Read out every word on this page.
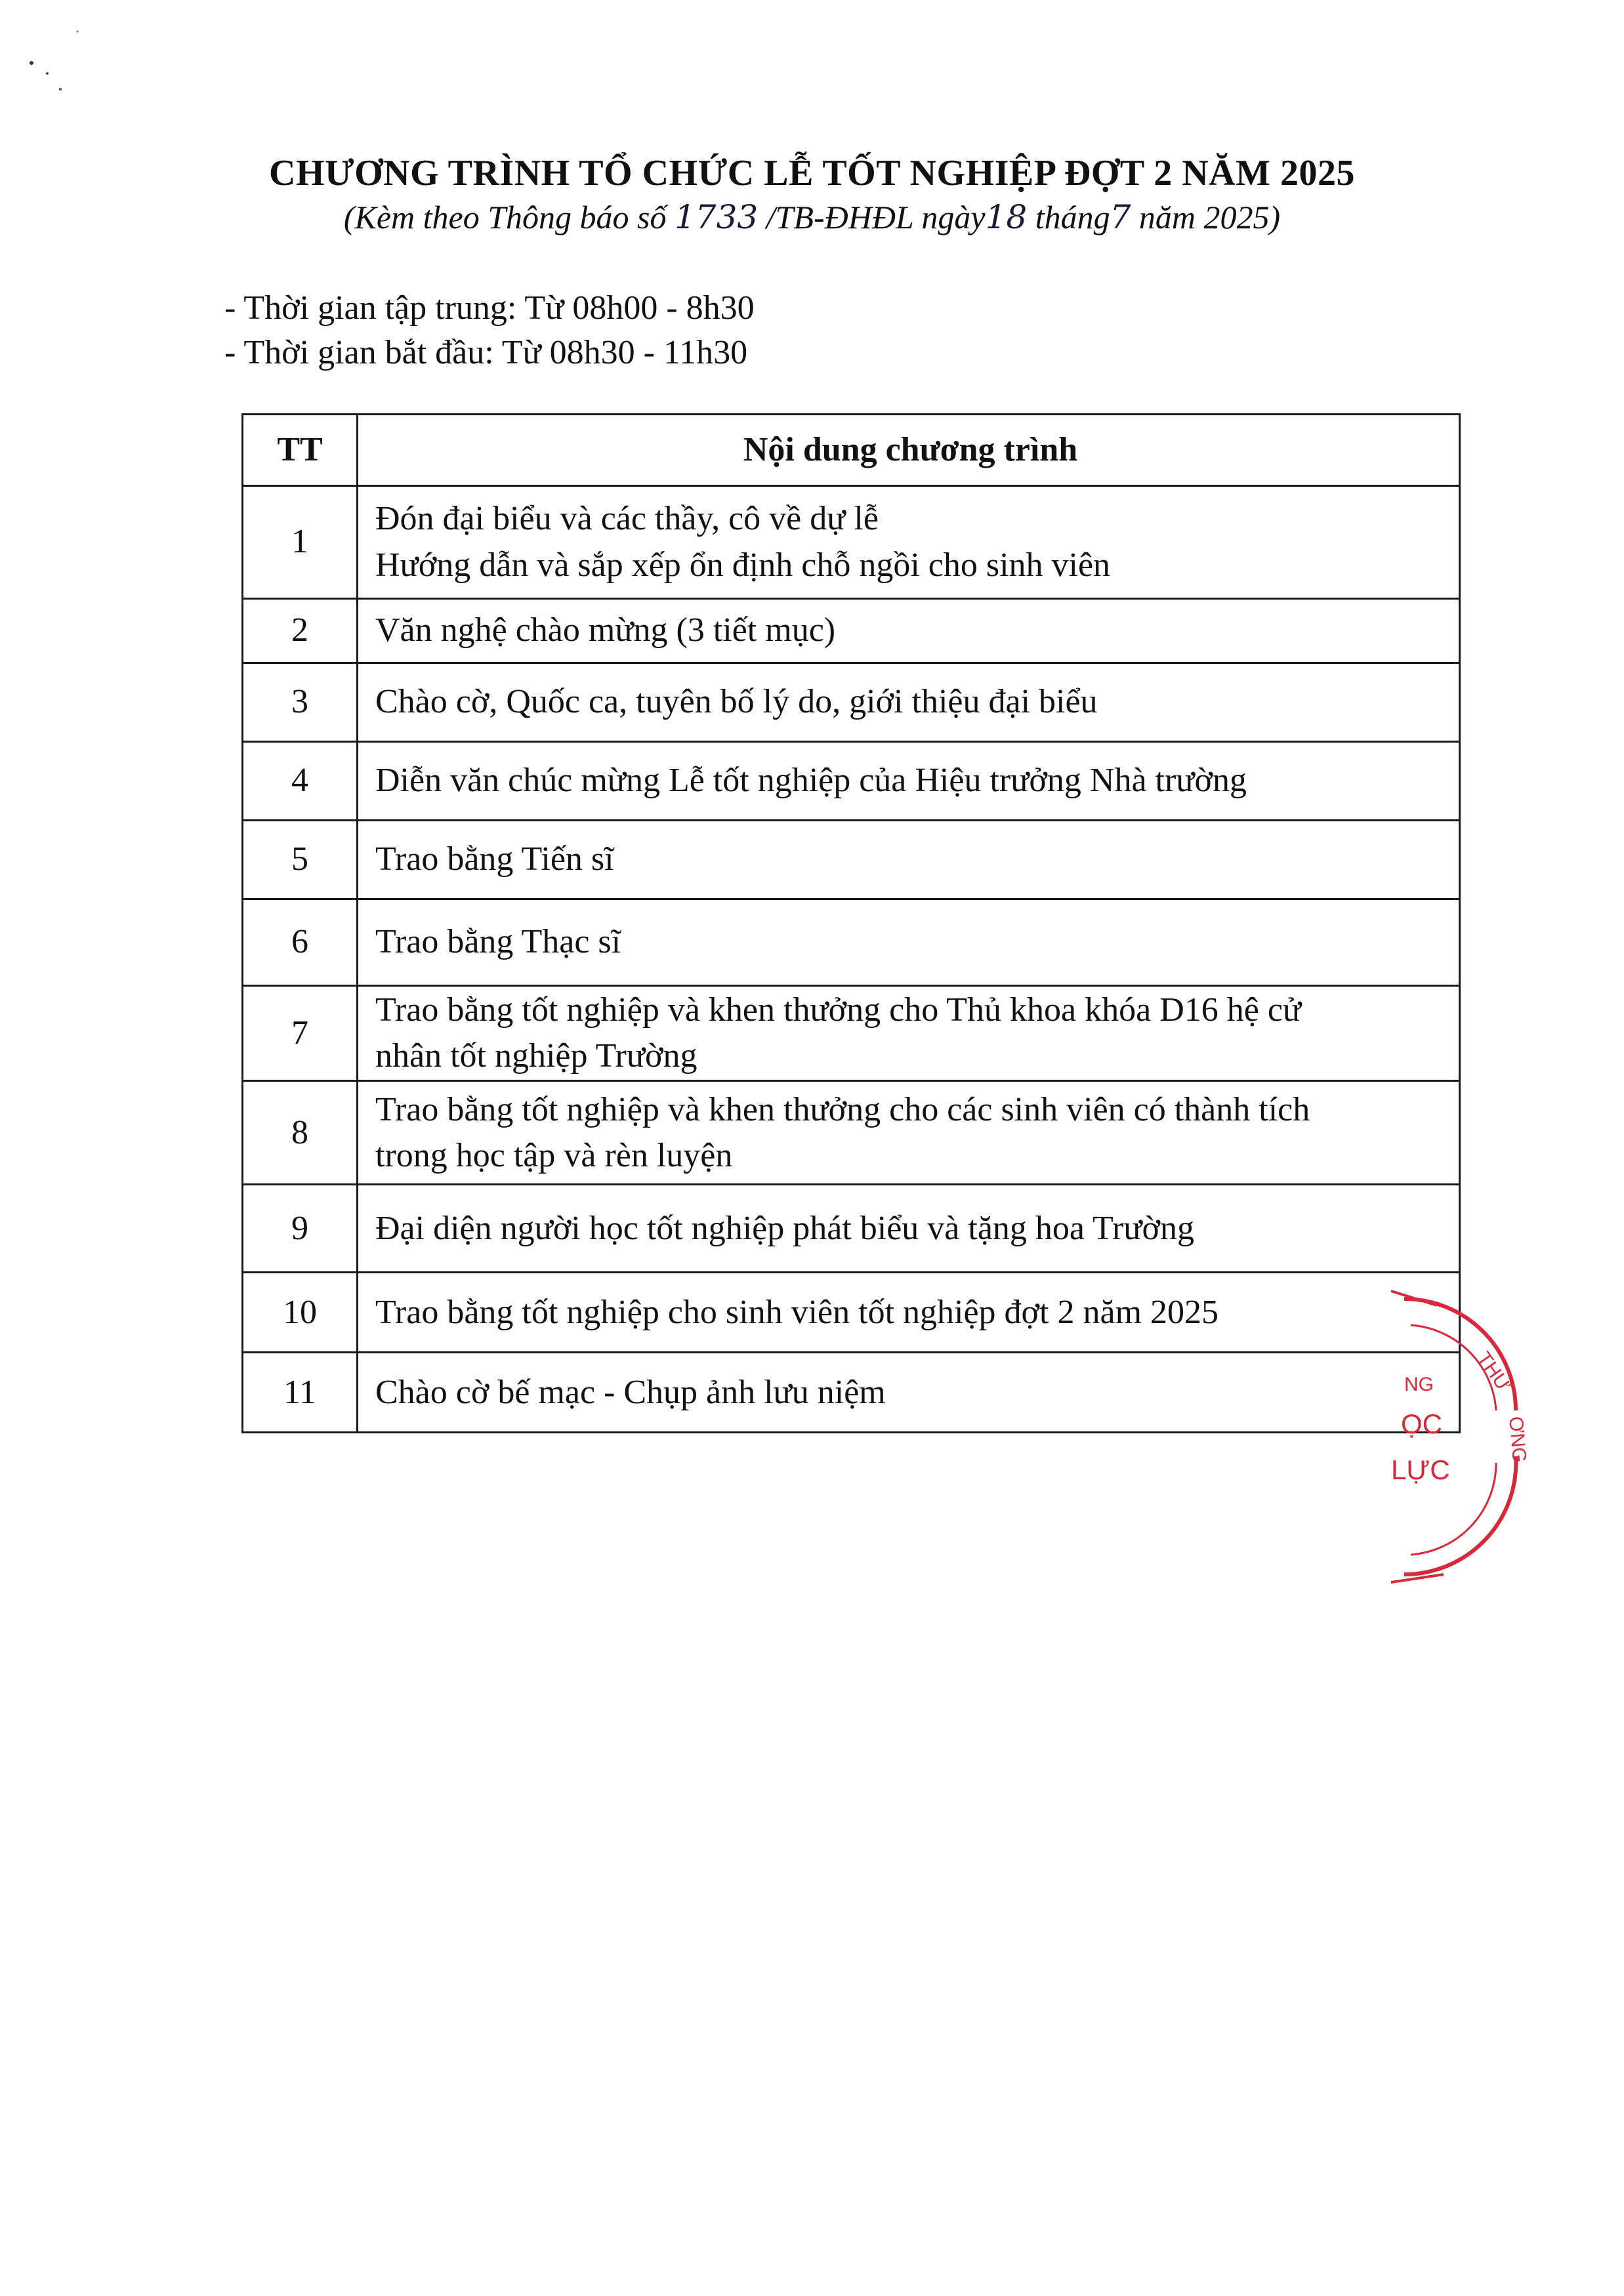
CHƯƠNG TRÌNH TỔ CHỨC LỄ TỐT NGHIỆP ĐỢT 2 NĂM 2025
(Kèm theo Thông báo số 1733 /TB-ĐHĐL ngày18 tháng7 năm 2025)
- Thời gian tập trung: Từ 08h00 - 8h30
- Thời gian bắt đầu: Từ 08h30 - 11h30
TT	Nội dung chương trình
1	Đón đại biểu và các thầy, cô về dự lễ
Hướng dẫn và sắp xếp ổn định chỗ ngồi cho sinh viên

2	Văn nghệ chào mừng (3 tiết mục)
3	Chào cờ, Quốc ca, tuyên bố lý do, giới thiệu đại biểu
4	Diễn văn chúc mừng Lễ tốt nghiệp của Hiệu trưởng Nhà trường
5	Trao bằng Tiến sĩ
6	Trao bằng Thạc sĩ
7	Trao bằng tốt nghiệp và khen thưởng cho Thủ khoa khóa D16 hệ cử
nhân tốt nghiệp Trường

8	Trao bằng tốt nghiệp và khen thưởng cho các sinh viên có thành tích
trong học tập và rèn luyện

9	Đại diện người học tốt nghiệp phát biểu và tặng hoa Trường
10	Trao bằng tốt nghiệp cho sinh viên tốt nghiệp đợt 2 năm 2025
11	Chào cờ bế mạc - Chụp ảnh lưu niệm	THƯ
ƠNG
NG
ỌC
LỰC
